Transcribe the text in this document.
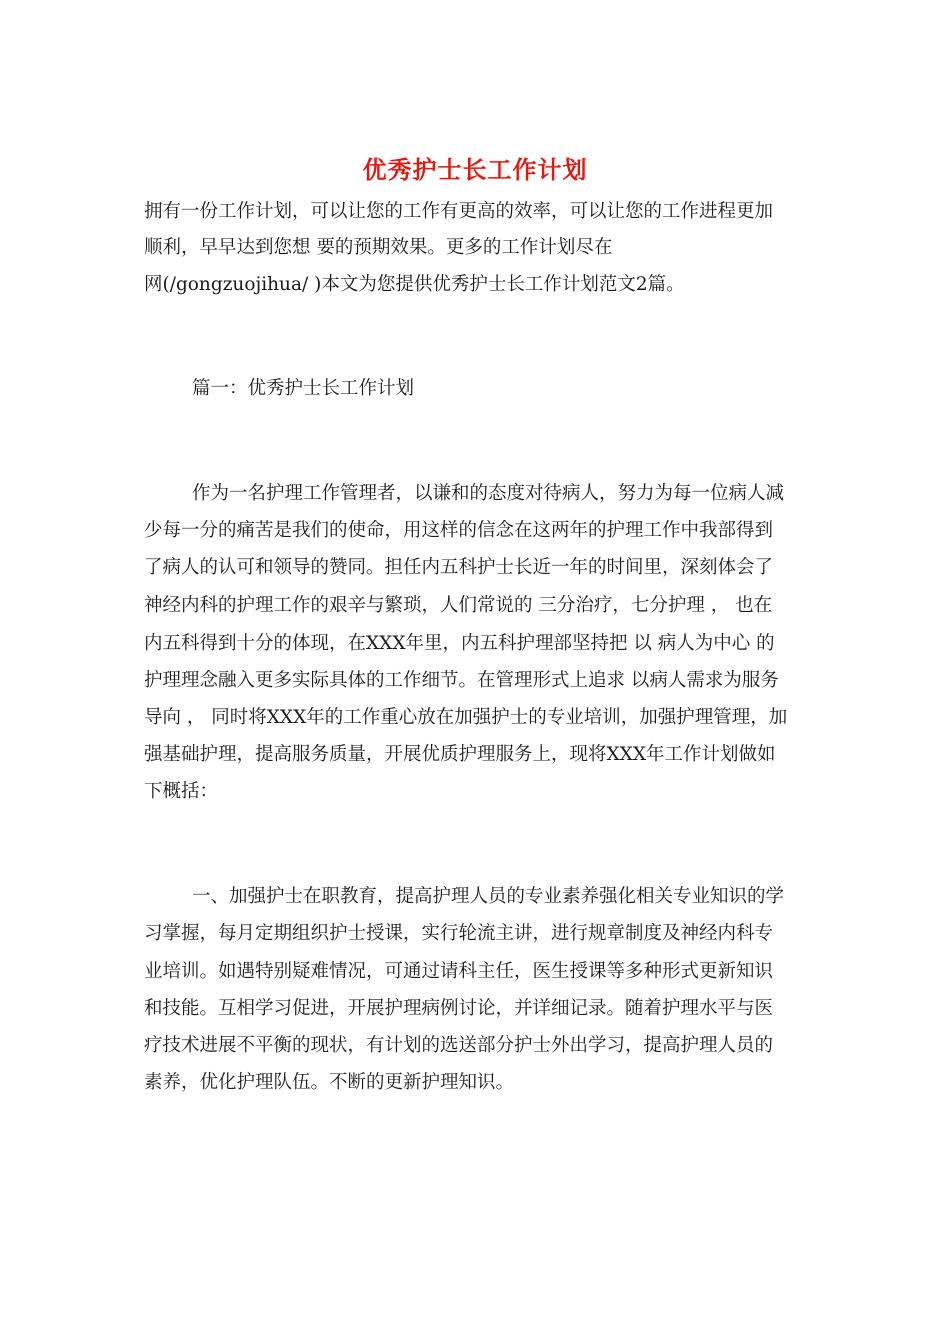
优秀护士长工作计划
拥有一份工作计划，可以让您的工作有更高的效率，可以让您的工作进程更加
顺利，早早达到您想 要的预期效果。更多的工作计划尽在
网(/gongzuojihua/ )本文为您提供优秀护士长工作计划范文2篇。
篇一：优秀护士长工作计划
作为一名护理工作管理者，以谦和的态度对待病人，努力为每一位病人减
少每一分的痛苦是我们的使命，用这样的信念在这两年的护理工作中我部得到
了病人的认可和领导的赞同。担任内五科护士长近一年的时间里，深刻体会了
神经内科的护理工作的艰辛与繁琐，人们常说的 三分治疗，七分护理 ， 也在
内五科得到十分的体现，在XXX年里，内五科护理部坚持把 以 病人为中心 的
护理理念融入更多实际具体的工作细节。在管理形式上追求 以病人需求为服务
导向 ， 同时将XXX年的工作重心放在加强护士的专业培训，加强护理管理，加
强基础护理，提高服务质量，开展优质护理服务上，现将XXX年工作计划做如
下概括：
一、加强护士在职教育，提高护理人员的专业素养强化相关专业知识的学
习掌握，每月定期组织护士授课，实行轮流主讲，进行规章制度及神经内科专
业培训。如遇特别疑难情况，可通过请科主任，医生授课等多种形式更新知识
和技能。互相学习促进，开展护理病例讨论，并详细记录。随着护理水平与医
疗技术进展不平衡的现状，有计划的选送部分护士外出学习，提高护理人员的
素养，优化护理队伍。不断的更新护理知识。
